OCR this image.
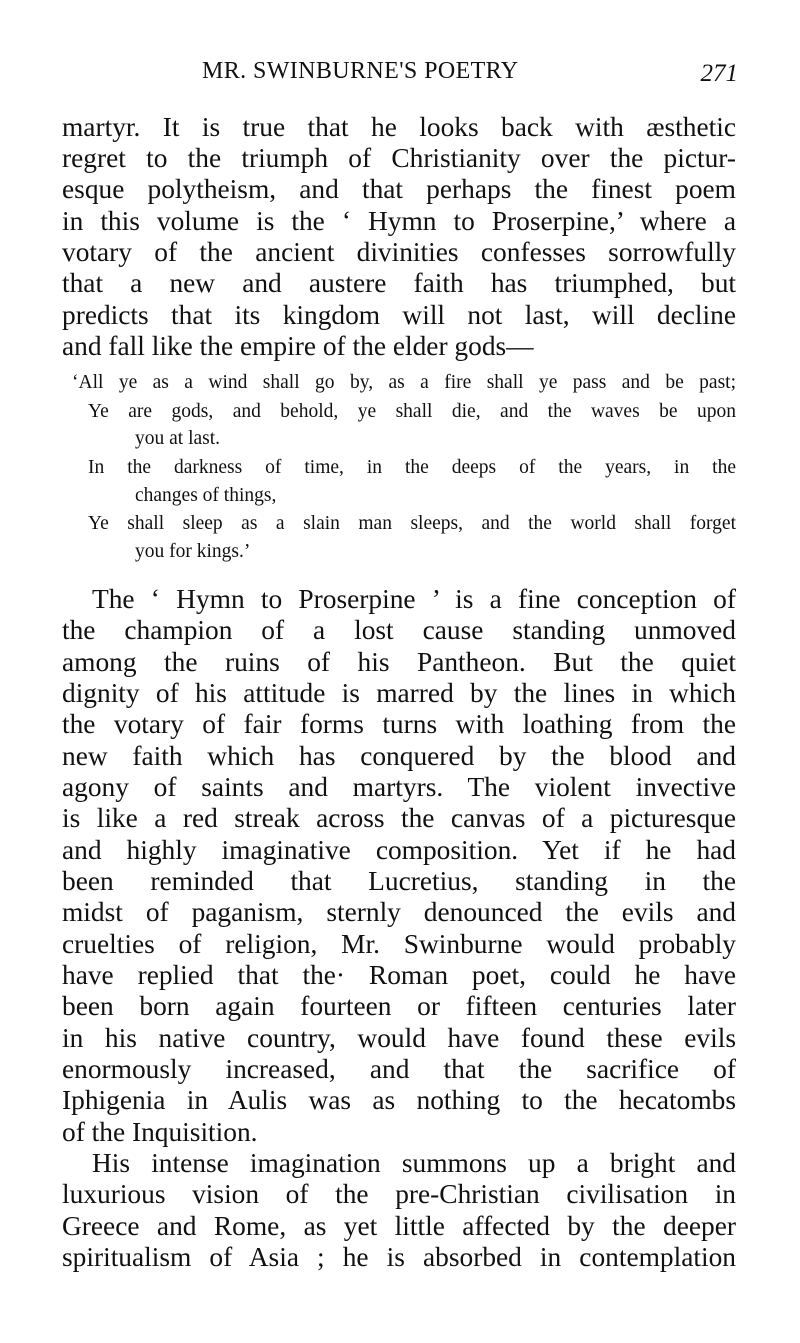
MR. SWINBURNE'S POETRY	271
martyr. It is true that he looks back with æsthetic
regret to the triumph of Christianity over the pictur-
esque polytheism, and that perhaps the finest poem
in this volume is the ‘ Hymn to Proserpine,’ where a
votary of the ancient divinities confesses sorrowfully
that a new and austere faith has triumphed, but
predicts that its kingdom will not last, will decline
and fall like the empire of the elder gods—
‘All ye as a wind shall go by, as a fire shall ye pass and be past;
Ye are gods, and behold, ye shall die, and the waves be upon
you at last.
In the darkness of time, in the deeps of the years, in the
changes of things,
Ye shall sleep as a slain man sleeps, and the world shall forget
you for kings.’
The ‘ Hymn to Proserpine ’ is a fine conception of
the champion of a lost cause standing unmoved
among the ruins of his Pantheon. But the quiet
dignity of his attitude is marred by the lines in which
the votary of fair forms turns with loathing from the
new faith which has conquered by the blood and
agony of saints and martyrs. The violent invective
is like a red streak across the canvas of a picturesque
and highly imaginative composition. Yet if he had
been reminded that Lucretius, standing in the
midst of paganism, sternly denounced the evils and
cruelties of religion, Mr. Swinburne would probably
have replied that the· Roman poet, could he have
been born again fourteen or fifteen centuries later
in his native country, would have found these evils
enormously increased, and that the sacrifice of
Iphigenia in Aulis was as nothing to the hecatombs
of the Inquisition.
His intense imagination summons up a bright and
luxurious vision of the pre-Christian civilisation in
Greece and Rome, as yet little affected by the deeper
spiritualism of Asia ; he is absorbed in contemplation
